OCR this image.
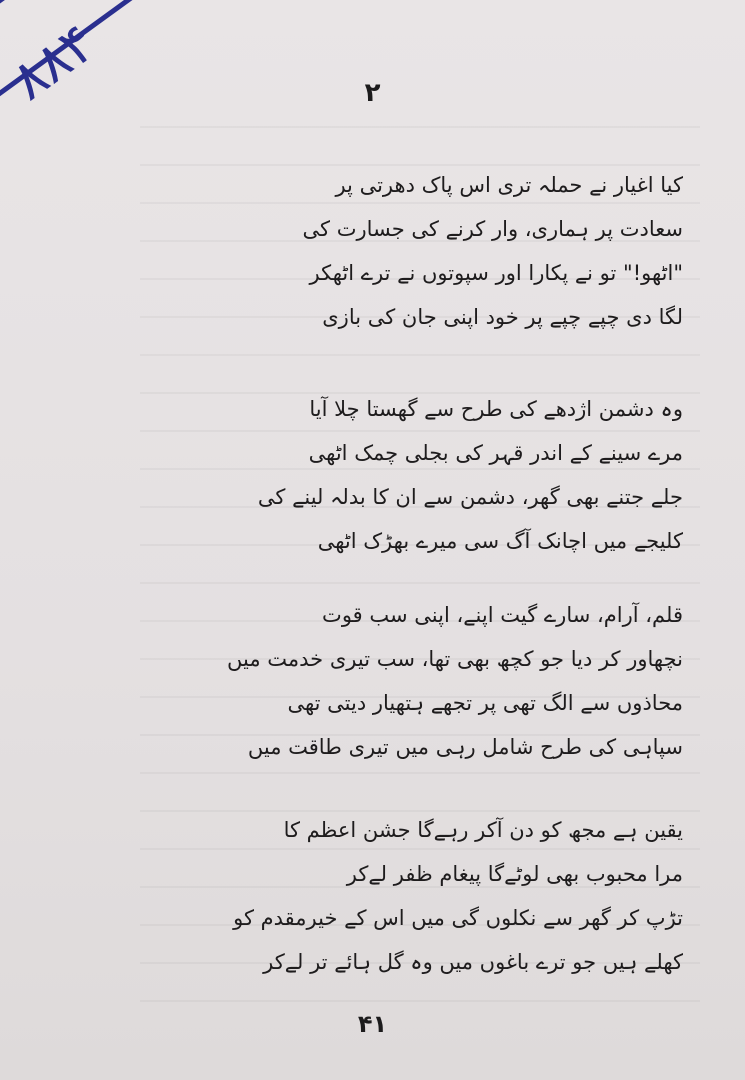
۸۸۴	۲
کیا اغیار نے حملہ تری اس پاک دھرتی پر
سعادت پر ہماری، وار کرنے کی جسارت کی
"اٹھو!" تو نے پکارا اور سپوتوں نے ترے اٹھکر
لگا دی چپے چپے پر خود اپنی جان کی بازی
وہ دشمن اژدھے کی طرح سے گھستا چلا آیا
مرے سینے کے اندر قہر کی بجلی چمک اٹھی
جلے جتنے بھی گھر، دشمن سے ان کا بدلہ لینے کی
کلیجے میں اچانک آگ سی میرے بھڑک اٹھی
قلم، آرام، سارے گیت اپنے، اپنی سب قوت
نچھاور کر دیا جو کچھ بھی تھا، سب تیری خدمت میں
محاذوں سے الگ تھی پر تجھے ہتھیار دیتی تھی
سپاہی کی طرح شامل رہی میں تیری طاقت میں
یقین ہے مجھ کو دن آکر رہےگا جشن اعظم کا
مرا محبوب بھی لوٹےگا پیغام ظفر لےکر
تڑپ کر گھر سے نکلوں گی میں اس کے خیرمقدم کو
کھلے ہیں جو ترے باغوں میں وہ گل ہائے تر لےکر
۴۱
